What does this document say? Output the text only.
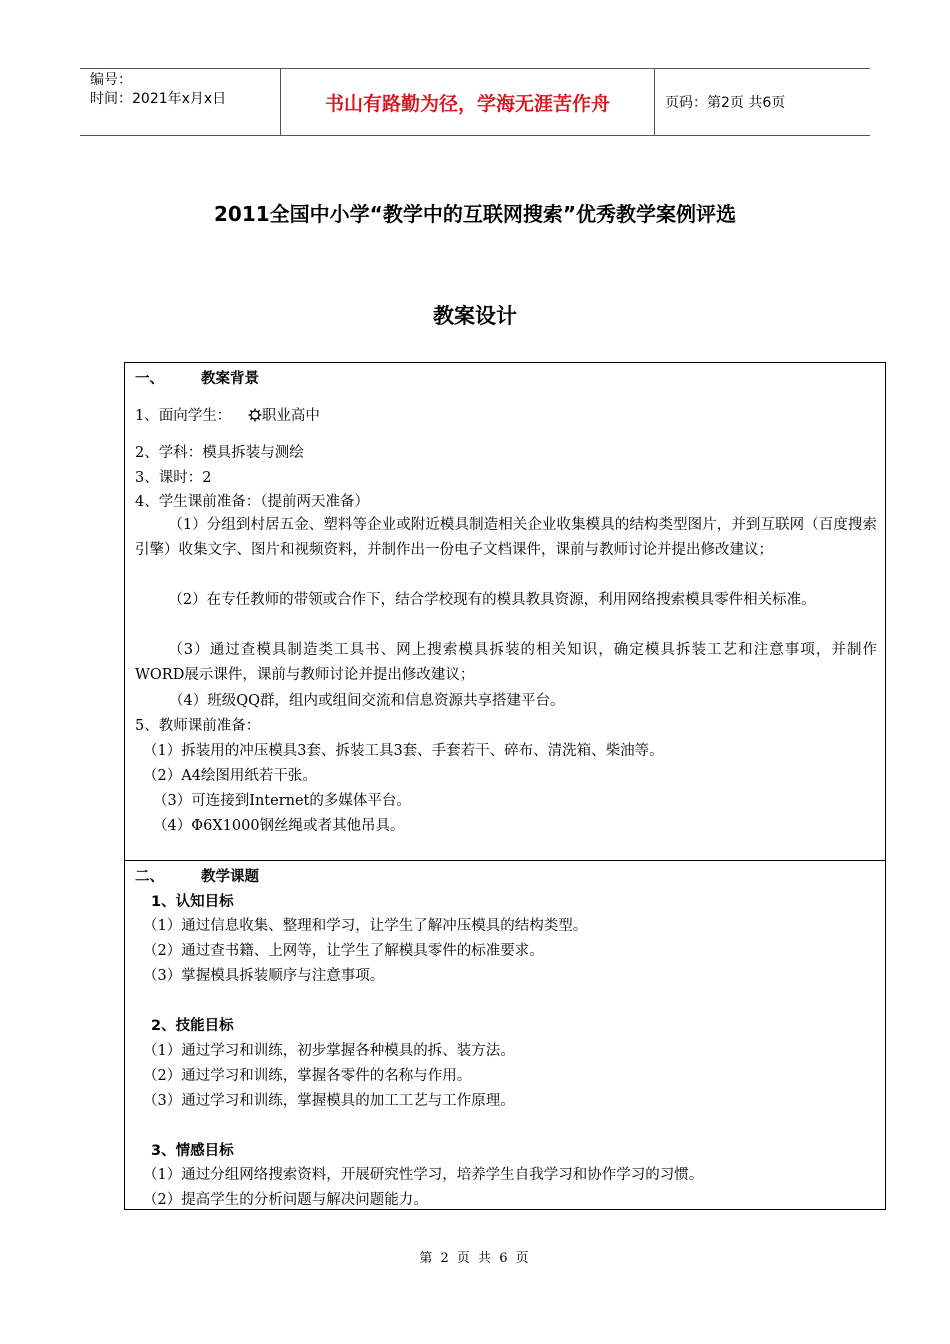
编号：
时间：2021年x月x日	书山有路勤为径，学海无涯苦作舟	页码：第2页 共6页
2011全国中小学“教学中的互联网搜索”优秀教学案例评选
教案设计
一、	教案背景
1、面向学生： 职业高中
2、学科：模具拆装与测绘
3、课时：2
4、学生课前准备：（提前两天准备）
（1）分组到村居五金、塑料等企业或附近模具制造相关企业收集模具的结构类型图片，并到互联网（百度搜索引擎）收集文字、图片和视频资料，并制作出一份电子文档课件，课前与教师讨论并提出修改建议；
（2）在专任教师的带领或合作下，结合学校现有的模具教具资源，利用网络搜索模具零件相关标准。
（3）通过查模具制造类工具书、网上搜索模具拆装的相关知识，确定模具拆装工艺和注意事项，并制作WORD展示课件，课前与教师讨论并提出修改建议；
（4）班级QQ群，组内或组间交流和信息资源共享搭建平台。
5、教师课前准备：
（1）拆装用的冲压模具3套、拆装工具3套、手套若干、碎布、清洗箱、柴油等。
（2）A4绘图用纸若干张。
（3）可连接到Internet的多媒体平台。
（4）Φ6X1000钢丝绳或者其他吊具。
二、	教学课题
1、认知目标
（1）通过信息收集、整理和学习，让学生了解冲压模具的结构类型。
（2）通过查书籍、上网等，让学生了解模具零件的标准要求。
（3）掌握模具拆装顺序与注意事项。
2、技能目标
（1）通过学习和训练，初步掌握各种模具的拆、装方法。
（2）通过学习和训练，掌握各零件的名称与作用。
（3）通过学习和训练，掌握模具的加工工艺与工作原理。
3、情感目标
（1）通过分组网络搜索资料，开展研究性学习，培养学生自我学习和协作学习的习惯。
（2）提高学生的分析问题与解决问题能力。
第 2 页 共 6 页
